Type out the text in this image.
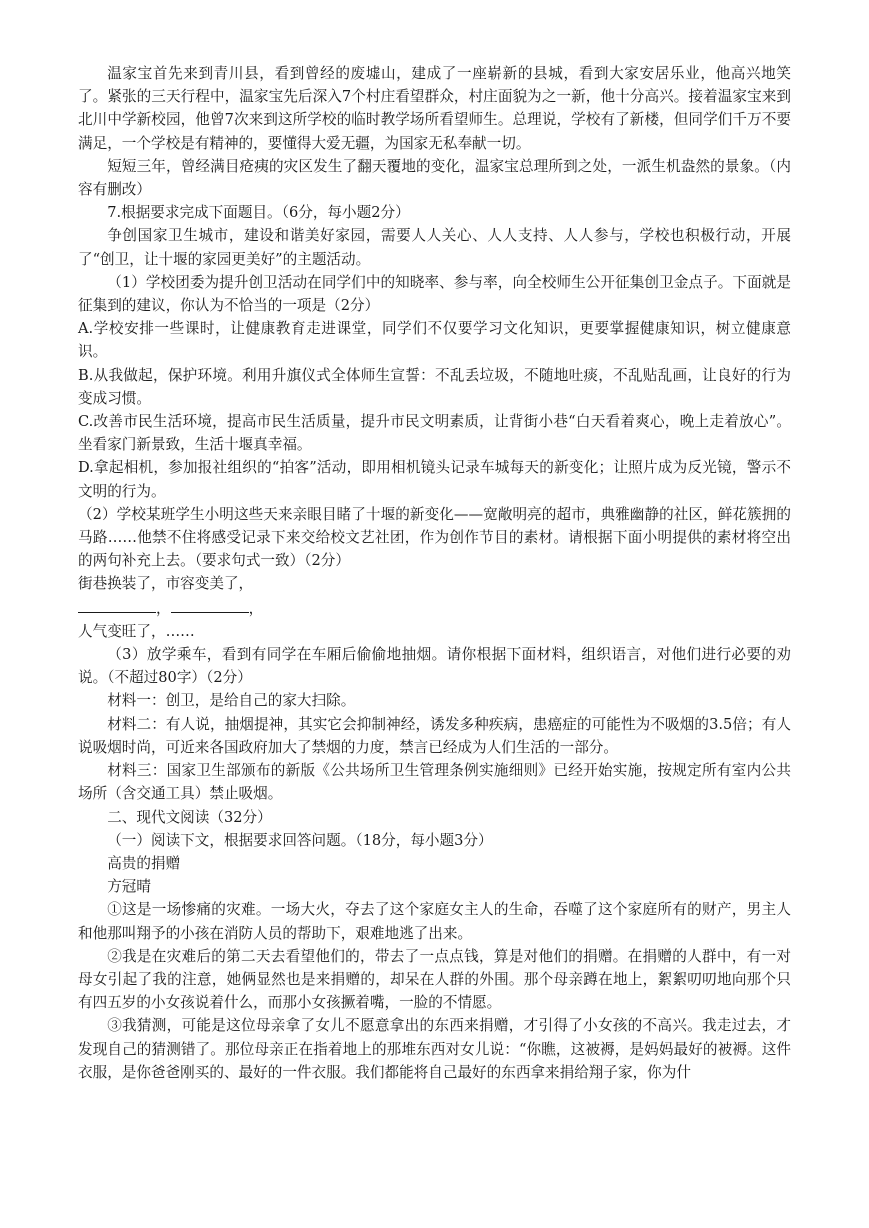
温家宝首先来到青川县，看到曾经的废墟山，建成了一座崭新的县城，看到大家安居乐业，他高兴地笑了。紧张的三天行程中，温家宝先后深入7个村庄看望群众，村庄面貌为之一新，他十分高兴。接着温家宝来到北川中学新校园，他曾7次来到这所学校的临时教学场所看望师生。总理说，学校有了新楼，但同学们千万不要满足，一个学校是有精神的，要懂得大爱无疆，为国家无私奉献一切。

短短三年，曾经满目疮痍的灾区发生了翻天覆地的变化，温家宝总理所到之处，一派生机盎然的景象。（内容有删改）

7.根据要求完成下面题目。（6分，每小题2分）

争创国家卫生城市，建设和谐美好家园，需要人人关心、人人支持、人人参与，学校也积极行动，开展了“创卫，让十堰的家园更美好”的主题活动。

（1）学校团委为提升创卫活动在同学们中的知晓率、参与率，向全校师生公开征集创卫金点子。下面就是征集到的建议，你认为不恰当的一项是（2分）

A.学校安排一些课时，让健康教育走进课堂，同学们不仅要学习文化知识，更要掌握健康知识，树立健康意识。

B.从我做起，保护环境。利用升旗仪式全体师生宣誓：不乱丢垃圾，不随地吐痰，不乱贴乱画，让良好的行为变成习惯。

C.改善市民生活环境，提高市民生活质量，提升市民文明素质，让背街小巷“白天看着爽心，晚上走着放心”。坐看家门新景致，生活十堰真幸福。

D.拿起相机，参加报社组织的“拍客”活动，即用相机镜头记录车城每天的新变化；让照片成为反光镜，警示不文明的行为。

（2）学校某班学生小明这些天来亲眼目睹了十堰的新变化——宽敞明亮的超市，典雅幽静的社区，鲜花簇拥的马路……他禁不住将感受记录下来交给校文艺社团，作为创作节目的素材。请根据下面小明提供的素材将空出的两句补充上去。（要求句式一致）（2分）

街巷换装了，市容变美了，

，	，

人气变旺了，……

（3）放学乘车，看到有同学在车厢后偷偷地抽烟。请你根据下面材料，组织语言，对他们进行必要的劝说。（不超过80字）（2分）

材料一：创卫，是给自己的家大扫除。

材料二：有人说，抽烟提神，其实它会抑制神经，诱发多种疾病，患癌症的可能性为不吸烟的3.5倍；有人说吸烟时尚，可近来各国政府加大了禁烟的力度，禁言已经成为人们生活的一部分。

材料三：国家卫生部颁布的新版《公共场所卫生管理条例实施细则》已经开始实施，按规定所有室内公共场所（含交通工具）禁止吸烟。

二、现代文阅读（32分）

（一）阅读下文，根据要求回答问题。（18分，每小题3分）

高贵的捐赠

方冠晴

①这是一场惨痛的灾难。一场大火，夺去了这个家庭女主人的生命，吞噬了这个家庭所有的财产，男主人和他那叫翔予的小孩在消防人员的帮助下，艰难地逃了出来。

②我是在灾难后的第二天去看望他们的，带去了一点点钱，算是对他们的捐赠。在捐赠的人群中，有一对母女引起了我的注意，她俩显然也是来捐赠的，却呆在人群的外围。那个母亲蹲在地上，絮絮叨叨地向那个只有四五岁的小女孩说着什么，而那小女孩撅着嘴，一脸的不情愿。

③我猜测，可能是这位母亲拿了女儿不愿意拿出的东西来捐赠，才引得了小女孩的不高兴。我走过去，才发现自己的猜测错了。那位母亲正在指着地上的那堆东西对女儿说：“你瞧，这被褥，是妈妈最好的被褥。这件衣服，是你爸爸刚买的、最好的一件衣服。我们都能将自己最好的东西拿来捐给翔子家，你为什
